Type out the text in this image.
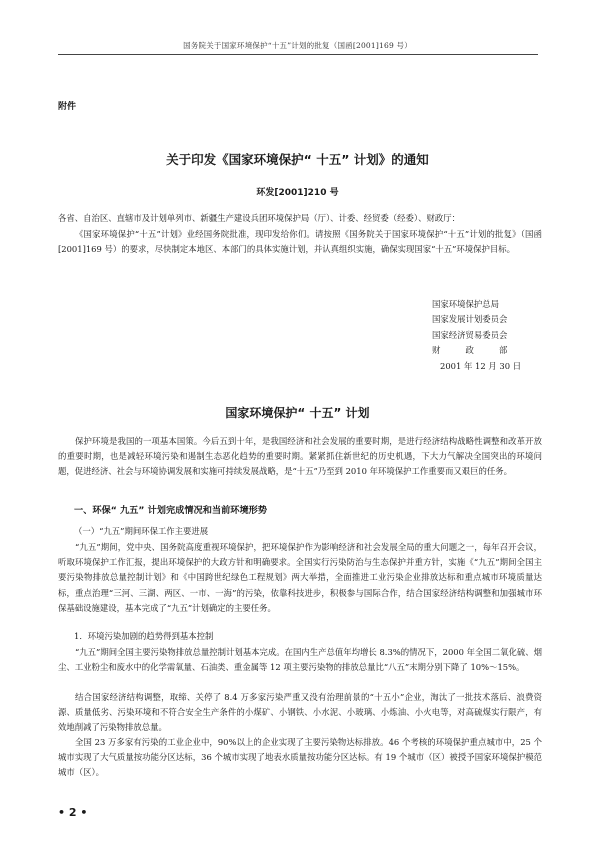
国务院关于国家环境保护“十五”计划的批复（国函[2001]169 号）
附件
关于印发《国家环境保护“ 十五” 计划》的通知
环发[2001]210 号
各省、自治区、直辖市及计划单列市、新疆生产建设兵团环境保护局（厅）、计委、经贸委（经委）、财政厅：
《国家环境保护“十五”计划》业经国务院批准，现印发给你们。请按照《国务院关于国家环境保护“十五”计划的批复》（国函[2001]169 号）的要求，尽快制定本地区、本部门的具体实施计划，并认真组织实施，确保实现国家“十五”环境保护目标。
国家环境保护总局
国家发展计划委员会
国家经济贸易委员会
财　　　政　　　部
2001 年 12 月 30 日
国家环境保护“ 十五” 计划
保护环境是我国的一项基本国策。今后五到十年，是我国经济和社会发展的重要时期，是进行经济结构战略性调整和改革开放的重要时期，也是减轻环境污染和遏制生态恶化趋势的重要时期。紧紧抓住新世纪的历史机遇，下大力气解决全国突出的环境问题，促进经济、社会与环境协调发展和实施可持续发展战略，是“十五”乃至到 2010 年环境保护工作重要而又艰巨的任务。
一、环保“ 九五” 计划完成情况和当前环境形势
（一）“九五”期间环保工作主要进展
“九五”期间，党中央、国务院高度重视环境保护，把环境保护作为影响经济和社会发展全局的重大问题之一，每年召开会议，听取环境保护工作汇报，提出环境保护的大政方针和明确要求。全国实行污染防治与生态保护并重方针，实施《“九五”期间全国主要污染物排放总量控制计划》和《中国跨世纪绿色工程规划》两大举措，全面推进工业污染企业排放达标和重点城市环境质量达标，重点治理“三河、三湖、两区、一市、一海”的污染，依靠科技进步，积极参与国际合作，结合国家经济结构调整和加强城市环保基础设施建设，基本完成了“九五”计划确定的主要任务。
1．环境污染加剧的趋势得到基本控制
“九五”期间全国主要污染物排放总量控制计划基本完成。在国内生产总值年均增长 8.3%的情况下，2000 年全国二氧化硫、烟尘、工业粉尘和废水中的化学需氧量、石油类、重金属等 12 项主要污染物的排放总量比“八五”末期分别下降了 10%～15%。
结合国家经济结构调整，取缔、关停了 8.4 万多家污染严重又没有治理前景的“十五小”企业，淘汰了一批技术落后、浪费资源、质量低劣、污染环境和不符合安全生产条件的小煤矿、小钢铁、小水泥、小玻璃、小炼油、小火电等，对高硫煤实行限产，有效地削减了污染物排放总量。
全国 23 万多家有污染的工业企业中，90%以上的企业实现了主要污染物达标排放。46 个考核的环境保护重点城市中，25 个城市实现了大气质量按功能分区达标，36 个城市实现了地表水质量按功能分区达标。有 19 个城市（区）被授予国家环境保护模范城市（区）。
• 2 •
